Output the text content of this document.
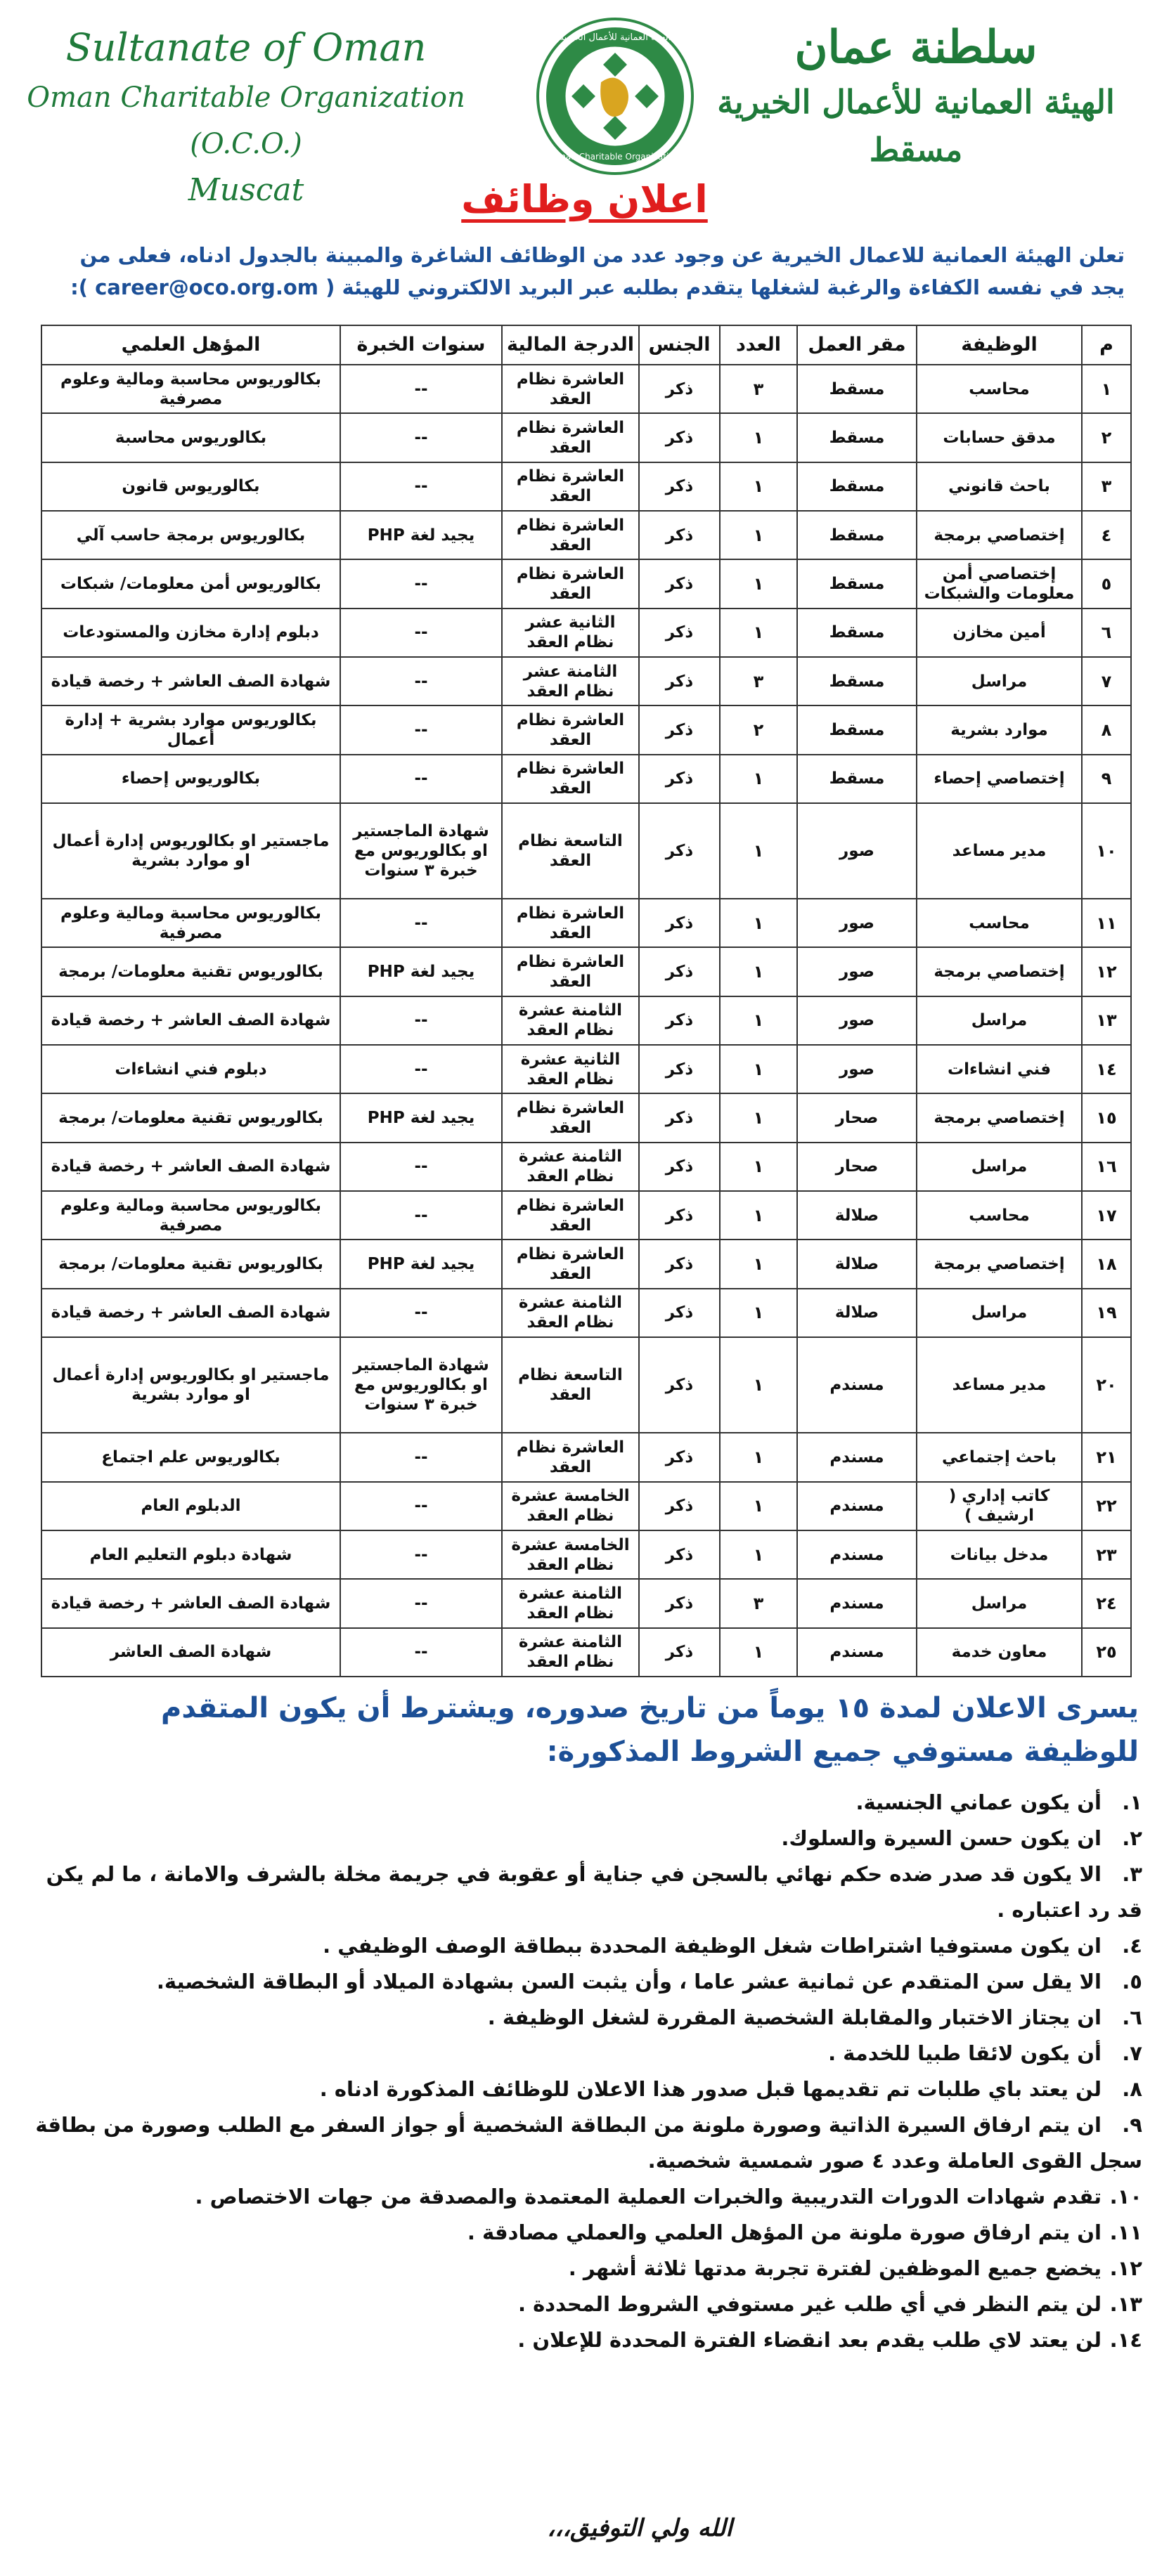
Sultanate of Oman
Oman Charitable Organization (O.C.O.)
Muscat
الهيئة العمانية للأعمال الخيرية
Oman Charitable Organization
سلطنة عمان
الهيئة العمانية للأعمال الخيرية
مسقط
اعلان وظائف
تعلن الهيئة العمانية للاعمال الخيرية عن وجود عدد من الوظائف الشاغرة والمبينة بالجدول ادناه، فعلى من يجد في نفسه الكفاءة والرغبة لشغلها يتقدم بطلبه عبر البريد الالكتروني للهيئة ( career@oco.org.om ):
م	الوظيفة	مقر العمل	العدد	الجنس	الدرجة المالية	سنوات الخبرة	المؤهل العلمي
١	محاسب	مسقط	٣	ذكر	العاشرة نظام العقد	--	بكالوريوس محاسبة ومالية وعلوم مصرفية
٢	مدقق حسابات	مسقط	١	ذكر	العاشرة نظام العقد	--	بكالوريوس محاسبة
٣	باحث قانوني	مسقط	١	ذكر	العاشرة نظام العقد	--	بكالوريوس قانون
٤	إختصاصي برمجة	مسقط	١	ذكر	العاشرة نظام العقد	يجيد لغة PHP	بكالوريوس برمجة حاسب آلي
٥	إختصاصي أمن معلومات والشبكات	مسقط	١	ذكر	العاشرة نظام العقد	--	بكالوريوس أمن معلومات/ شبكات
٦	أمين مخازن	مسقط	١	ذكر	الثانية عشر نظام العقد	--	دبلوم إدارة مخازن والمستودعات
٧	مراسل	مسقط	٣	ذكر	الثامنة عشر نظام العقد	--	شهادة الصف العاشر + رخصة قيادة
٨	موارد بشرية	مسقط	٢	ذكر	العاشرة نظام العقد	--	بكالوريوس موارد بشرية + إدارة أعمال
٩	إختصاصي إحصاء	مسقط	١	ذكر	العاشرة نظام العقد	--	بكالوريوس إحصاء
١٠	مدير مساعد	صور	١	ذكر	التاسعة نظام العقد	شهادة الماجستير او بكالوريوس مع خبرة ٣ سنوات	ماجستير او بكالوريوس إدارة أعمال او موارد بشرية
١١	محاسب	صور	١	ذكر	العاشرة نظام العقد	--	بكالوريوس محاسبة ومالية وعلوم مصرفية
١٢	إختصاصي برمجة	صور	١	ذكر	العاشرة نظام العقد	يجيد لغة PHP	بكالوريوس تقنية معلومات/ برمجة
١٣	مراسل	صور	١	ذكر	الثامنة عشرة نظام العقد	--	شهادة الصف العاشر + رخصة قيادة
١٤	فني انشاءات	صور	١	ذكر	الثانية عشرة نظام العقد	--	دبلوم فني انشاءات
١٥	إختصاصي برمجة	صحار	١	ذكر	العاشرة نظام العقد	يجيد لغة PHP	بكالوريوس تقنية معلومات/ برمجة
١٦	مراسل	صحار	١	ذكر	الثامنة عشرة نظام العقد	--	شهادة الصف العاشر + رخصة قيادة
١٧	محاسب	صلالة	١	ذكر	العاشرة نظام العقد	--	بكالوريوس محاسبة ومالية وعلوم مصرفية
١٨	إختصاصي برمجة	صلالة	١	ذكر	العاشرة نظام العقد	يجيد لغة PHP	بكالوريوس تقنية معلومات/ برمجة
١٩	مراسل	صلالة	١	ذكر	الثامنة عشرة نظام العقد	--	شهادة الصف العاشر + رخصة قيادة
٢٠	مدير مساعد	مسندم	١	ذكر	التاسعة نظام العقد	شهادة الماجستير او بكالوريوس مع خبرة ٣ سنوات	ماجستير او بكالوريوس إدارة أعمال او موارد بشرية
٢١	باحث إجتماعي	مسندم	١	ذكر	العاشرة نظام العقد	--	بكالوريوس علم اجتماع
٢٢	كاتب إداري ( ارشيف )	مسندم	١	ذكر	الخامسة عشرة نظام العقد	--	الدبلوم العام
٢٣	مدخل بيانات	مسندم	١	ذكر	الخامسة عشرة نظام العقد	--	شهادة دبلوم التعليم العام
٢٤	مراسل	مسندم	٣	ذكر	الثامنة عشرة نظام العقد	--	شهادة الصف العاشر + رخصة قيادة
٢٥	معاون خدمة	مسندم	١	ذكر	الثامنة عشرة نظام العقد	--	شهادة الصف العاشر
يسرى الاعلان لمدة ١٥ يوماً من تاريخ صدوره، ويشترط أن يكون المتقدم للوظيفة مستوفي جميع الشروط المذكورة:
١.أن يكون عماني الجنسية.
٢.ان يكون حسن السيرة والسلوك.
٣.الا يكون قد صدر ضده حكم نهائي بالسجن في جناية أو عقوبة في جريمة مخلة بالشرف والامانة ، ما لم يكن قد رد اعتباره .
٤.ان يكون مستوفيا اشتراطات شغل الوظيفة المحددة ببطاقة الوصف الوظيفي .
٥.الا يقل سن المتقدم عن ثمانية عشر عاما ، وأن يثبت السن بشهادة الميلاد أو البطاقة الشخصية.
٦.ان يجتاز الاختبار والمقابلة الشخصية المقررة لشغل الوظيفة .
٧.أن يكون لائقا طبيا للخدمة .
٨.لن يعتد باي طلبات تم تقديمها قبل صدور هذا الاعلان للوظائف المذكورة ادناه .
٩.ان يتم ارفاق السيرة الذاتية وصورة ملونة من البطاقة الشخصية أو جواز السفر مع الطلب وصورة من بطاقة سجل القوى العاملة وعدد ٤ صور شمسية شخصية.
١٠.تقدم شهادات الدورات التدريبية والخبرات العملية المعتمدة والمصدقة من جهات الاختصاص .
١١.ان يتم ارفاق صورة ملونة من المؤهل العلمي والعملي مصادقة .
١٢.يخضع جميع الموظفين لفترة تجربة مدتها ثلاثة أشهر .
١٣.لن يتم النظر في أي طلب غير مستوفي الشروط المحددة .
١٤.لن يعتد لاي طلب يقدم بعد انقضاء الفترة المحددة للإعلان .
الله ولي التوفيق،،،
